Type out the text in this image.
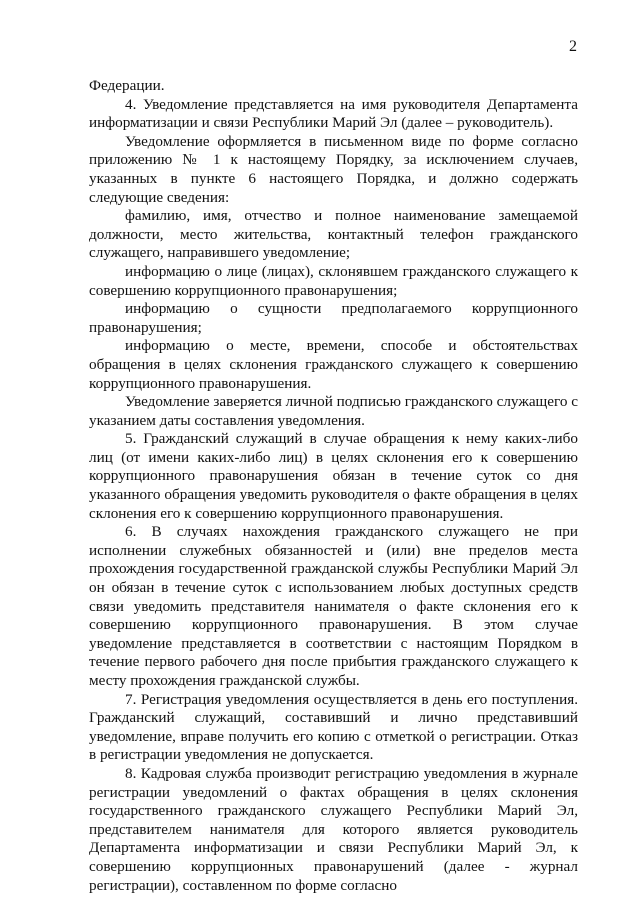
2

Федерации.

4. Уведомление представляется на имя руководителя Департамента информатизации и связи Республики Марий Эл (далее – руководитель).

Уведомление оформляется в письменном виде по форме согласно приложению № 1 к настоящему Порядку, за исключением случаев, указанных в пункте 6 настоящего Порядка, и должно содержать следующие сведения:

фамилию, имя, отчество и полное наименование замещаемой должности, место жительства, контактный телефон гражданского служащего, направившего уведомление;

информацию о лице (лицах), склонявшем гражданского служащего к совершению коррупционного правонарушения;

информацию о сущности предполагаемого коррупционного правонарушения;

информацию о месте, времени, способе и обстоятельствах обращения в целях склонения гражданского служащего к совершению коррупционного правонарушения.

Уведомление заверяется личной подписью гражданского служащего с указанием даты составления уведомления.

5. Гражданский служащий в случае обращения к нему каких-либо лиц (от имени каких-либо лиц) в целях склонения его к совершению коррупционного правонарушения обязан в течение суток со дня указанного обращения уведомить руководителя о факте обращения в целях склонения его к совершению коррупционного правонарушения.

6. В случаях нахождения гражданского служащего не при исполнении служебных обязанностей и (или) вне пределов места прохождения государственной гражданской службы Республики Марий Эл он обязан в течение суток с использованием любых доступных средств связи уведомить представителя нанимателя о факте склонения его к совершению коррупционного правонарушения. В этом случае уведомление представляется в соответствии с настоящим Порядком в течение первого рабочего дня после прибытия гражданского служащего к месту прохождения гражданской службы.

7. Регистрация уведомления осуществляется в день его поступления. Гражданский служащий, составивший и лично представивший уведомление, вправе получить его копию с отметкой о регистрации. Отказ в регистрации уведомления не допускается.

8. Кадровая служба производит регистрацию уведомления в журнале регистрации уведомлений о фактах обращения в целях склонения государственного гражданского служащего Республики Марий Эл, представителем нанимателя для которого является руководитель Департамента информатизации и связи Республики Марий Эл, к совершению коррупционных правонарушений (далее - журнал регистрации), составленном по форме согласно
